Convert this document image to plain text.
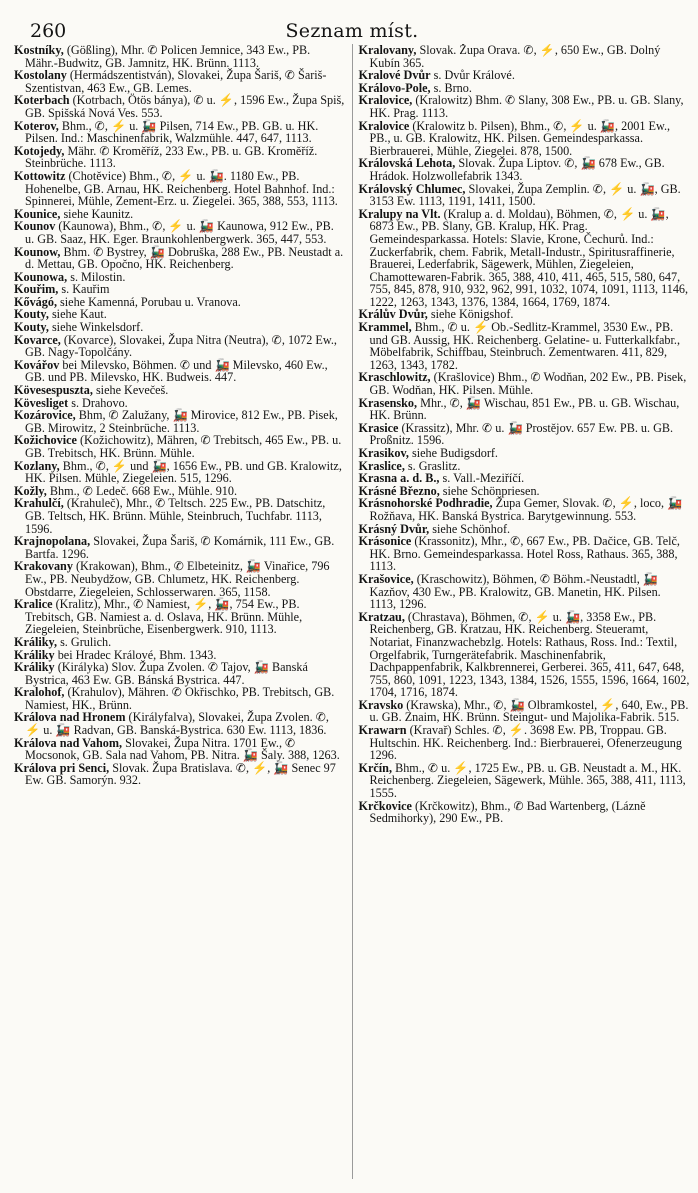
260	Seznam míst.

Kostníky, (Gößling), Mhr. ✆ Policen Jemnice, 343 Ew., PB. Mähr.-Budwitz, GB. Jamnitz, HK. Brünn. 1113.

Kostolany (Hermádszentistván), Slovakei, Župa Šariš, ✆ Šariš-Szentistvan, 463 Ew., GB. Lemes.

Koterbach (Kotrbach, Ötös bánya), ✆ u. ⚡, 1596 Ew., Župa Spiš, GB. Spišská Nová Ves. 553.

Koterov, Bhm., ✆, ⚡ u. 🚂 Pilsen, 714 Ew., PB. GB. u. HK. Pilsen. Ind.: Maschinenfabrik, Walzmühle. 447, 647, 1113.

Kotojedy, Mähr. ✆ Kroměříž, 233 Ew., PB. u. GB. Kroměříž. Steinbrüche. 1113.

Kottowitz (Chotěvice) Bhm., ✆, ⚡ u. 🚂. 1180 Ew., PB. Hohenelbe, GB. Arnau, HK. Reichenberg. Hotel Bahnhof. Ind.: Spinnerei, Mühle, Zement-Erz. u. Ziegelei. 365, 388, 553, 1113.

Kounice, siehe Kaunitz.

Kounov (Kaunowa), Bhm., ✆, ⚡ u. 🚂 Kaunowa, 912 Ew., PB. u. GB. Saaz, HK. Eger. Braunkohlenbergwerk. 365, 447, 553.

Kounow, Bhm. ✆ Bystrey, 🚂 Dobruška, 288 Ew., PB. Neustadt a. d. Mettau, GB. Opočno, HK. Reichenberg.

Kounowa, s. Milostin.

Kouřim, s. Kauřim

Kővágó, siehe Kamenná, Porubau u. Vranova.

Kouty, siehe Kaut.

Kouty, siehe Winkelsdorf.

Kovarce, (Kovarce), Slovakei, Župa Nitra (Neutra), ✆, 1072 Ew., GB. Nagy-Topolčány.

Kovářov bei Milevsko, Böhmen. ✆ und 🚂 Milevsko, 460 Ew., GB. und PB. Milevsko, HK. Budweis. 447.

Kövesespuszta, siehe Kevečeš.

Kövesliget s. Drahovo.

Kozárovice, Bhm, ✆ Zalužany, 🚂 Mirovice, 812 Ew., PB. Pisek, GB. Mirowitz, 2 Steinbrüche. 1113.

Kožichovice (Kožichowitz), Mähren, ✆ Trebitsch, 465 Ew., PB. u. GB. Trebitsch, HK. Brünn. Mühle.

Kozlany, Bhm., ✆, ⚡ und 🚂, 1656 Ew., PB. und GB. Kralowitz, HK. Pilsen. Mühle, Ziegeleien. 515, 1296.

Kožly, Bhm., ✆ Ledeč. 668 Ew., Mühle. 910.

Krahulčí, (Krahuleč), Mhr., ✆ Teltsch. 225 Ew., PB. Datschitz, GB. Teltsch, HK. Brünn. Mühle, Steinbruch, Tuchfabr. 1113, 1596.

Krajnopolana, Slovakei, Župa Šariš, ✆ Komárnik, 111 Ew., GB. Bartfa. 1296.

Krakovany (Krakowan), Bhm., ✆ Elbeteinitz, 🚂 Vinařice, 796 Ew., PB. Neubydžow, GB. Chlumetz, HK. Reichenberg. Obstdarre, Ziegeleien, Schlosserwaren. 365, 1158.

Kralice (Kralitz), Mhr., ✆ Namiest, ⚡, 🚂, 754 Ew., PB. Trebitsch, GB. Namiest a. d. Oslava, HK. Brünn. Mühle, Ziegeleien, Steinbrüche, Eisenbergwerk. 910, 1113.

Králiky, s. Grulich.

Králiky bei Hradec Králové, Bhm. 1343.

Králiky (Királyka) Slov. Župa Zvolen. ✆ Tajov, 🚂 Banská Bystrica, 463 Ew. GB. Bánská Bystrica. 447.

Kralohof, (Krahulov), Mähren. ✆ Okřischko, PB. Trebitsch, GB. Namiest, HK., Brünn.

Králova nad Hronem (Királyfalva), Slovakei, Župa Zvolen. ✆, ⚡ u. 🚂 Radvan, GB. Banská-Bystrica. 630 Ew. 1113, 1836.

Králova nad Vahom, Slovakei, Župa Nitra. 1701 Ew., ✆ Mocsonok, GB. Sala nad Vahom, PB. Nitra. 🚂 Šaly. 388, 1263.

Králova pri Senci, Slovak. Župa Bratislava. ✆, ⚡, 🚂 Senec 97 Ew. GB. Samorýn. 932.

Kralovany, Slovak. Župa Orava. ✆, ⚡, 650 Ew., GB. Dolný Kubín 365.

Kralové Dvůr s. Dvůr Králové.

Královo-Pole, s. Brno.

Kralovice, (Kralowitz) Bhm. ✆ Slany, 308 Ew., PB. u. GB. Slany, HK. Prag. 1113.

Kralovice (Kralowitz b. Pilsen), Bhm., ✆, ⚡ u. 🚂, 2001 Ew., PB., u. GB. Kralowitz, HK. Pilsen. Gemeindesparkassa. Bierbrauerei, Mühle, Ziegelei. 878, 1500.

Královská Lehota, Slovak. Župa Liptov. ✆, 🚂 678 Ew., GB. Hrádok. Holzwollefabrik 1343.

Královský Chlumec, Slovakei, Župa Zemplin. ✆, ⚡ u. 🚂, GB. 3153 Ew. 1113, 1191, 1411, 1500.

Kralupy na Vlt. (Kralup a. d. Moldau), Böhmen, ✆, ⚡ u. 🚂, 6873 Ew., PB. Slany, GB. Kralup, HK. Prag. Gemeindesparkassa. Hotels: Slavie, Krone, Čechurů. Ind.: Zuckerfabrik, chem. Fabrik, Metall-Industr., Spiritusraffinerie, Brauerei, Lederfabrik, Sägewerk, Mühlen, Ziegeleien, Chamottewaren-Fabrik. 365, 388, 410, 411, 465, 515, 580, 647, 755, 845, 878, 910, 932, 962, 991, 1032, 1074, 1091, 1113, 1146, 1222, 1263, 1343, 1376, 1384, 1664, 1769, 1874.

Králův Dvůr, siehe Königshof.

Krammel, Bhm., ✆ u. ⚡ Ob.-Sedlitz-Krammel, 3530 Ew., PB. und GB. Aussig, HK. Reichenberg. Gelatine- u. Futterkalkfabr., Möbelfabrik, Schiffbau, Steinbruch. Zementwaren. 411, 829, 1263, 1343, 1782.

Kraschlowitz, (Krašlovice) Bhm., ✆ Wodňan, 202 Ew., PB. Pisek, GB. Wodňan, HK. Pilsen. Mühle.

Krasensko, Mhr., ✆, 🚂 Wischau, 851 Ew., PB. u. GB. Wischau, HK. Brünn.

Krasice (Krassitz), Mhr. ✆ u. 🚂 Prostějov. 657 Ew. PB. u. GB. Proßnitz. 1596.

Krasikov, siehe Budigsdorf.

Kraslice, s. Graslitz.

Krasna a. d. B., s. Vall.-Meziříčí.

Krásné Březno, siehe Schönpriesen.

Krásnohorské Podhradie, Župa Gemer, Slovak. ✆, ⚡, loco, 🚂 Rožňava, HK. Banská Bystrica. Barytgewinnung. 553.

Krásný Dvůr, siehe Schönhof.

Krásonice (Krassonitz), Mhr., ✆, 667 Ew., PB. Dačice, GB. Telč, HK. Brno. Gemeindesparkassa. Hotel Ross, Rathaus. 365, 388, 1113.

Krašovice, (Kraschowitz), Böhmen, ✆ Böhm.-Neustadtl, 🚂 Kazňov, 430 Ew., PB. Kralowitz, GB. Manetin, HK. Pilsen. 1113, 1296.

Kratzau, (Chrastava), Böhmen, ✆, ⚡ u. 🚂, 3358 Ew., PB. Reichenberg, GB. Kratzau, HK. Reichenberg. Steueramt, Notariat, Finanzwachebzlg. Hotels: Rathaus, Ross. Ind.: Textil, Orgelfabrik, Turngerätefabrik. Maschinenfabrik, Dachpappenfabrik, Kalkbrennerei, Gerberei. 365, 411, 647, 648, 755, 860, 1091, 1223, 1343, 1384, 1526, 1555, 1596, 1664, 1602, 1704, 1716, 1874.

Kravsko (Krawska), Mhr., ✆, 🚂 Olbramkostel, ⚡, 640, Ew., PB. u. GB. Znaim, HK. Brünn. Steingut- und Majolika-Fabrik. 515.

Krawarn (Kravař) Schles. ✆, ⚡. 3698 Ew. PB, Troppau. GB. Hultschin. HK. Reichenberg. Ind.: Bierbrauerei, Ofenerzeugung 1296.

Krčín, Bhm., ✆ u. ⚡, 1725 Ew., PB. u. GB. Neustadt a. M., HK. Reichenberg. Ziegeleien, Sägewerk, Mühle. 365, 388, 411, 1113, 1555.

Krčkovice (Krčkowitz), Bhm., ✆ Bad Wartenberg, (Lázně Sedmihorky), 290 Ew., PB.
